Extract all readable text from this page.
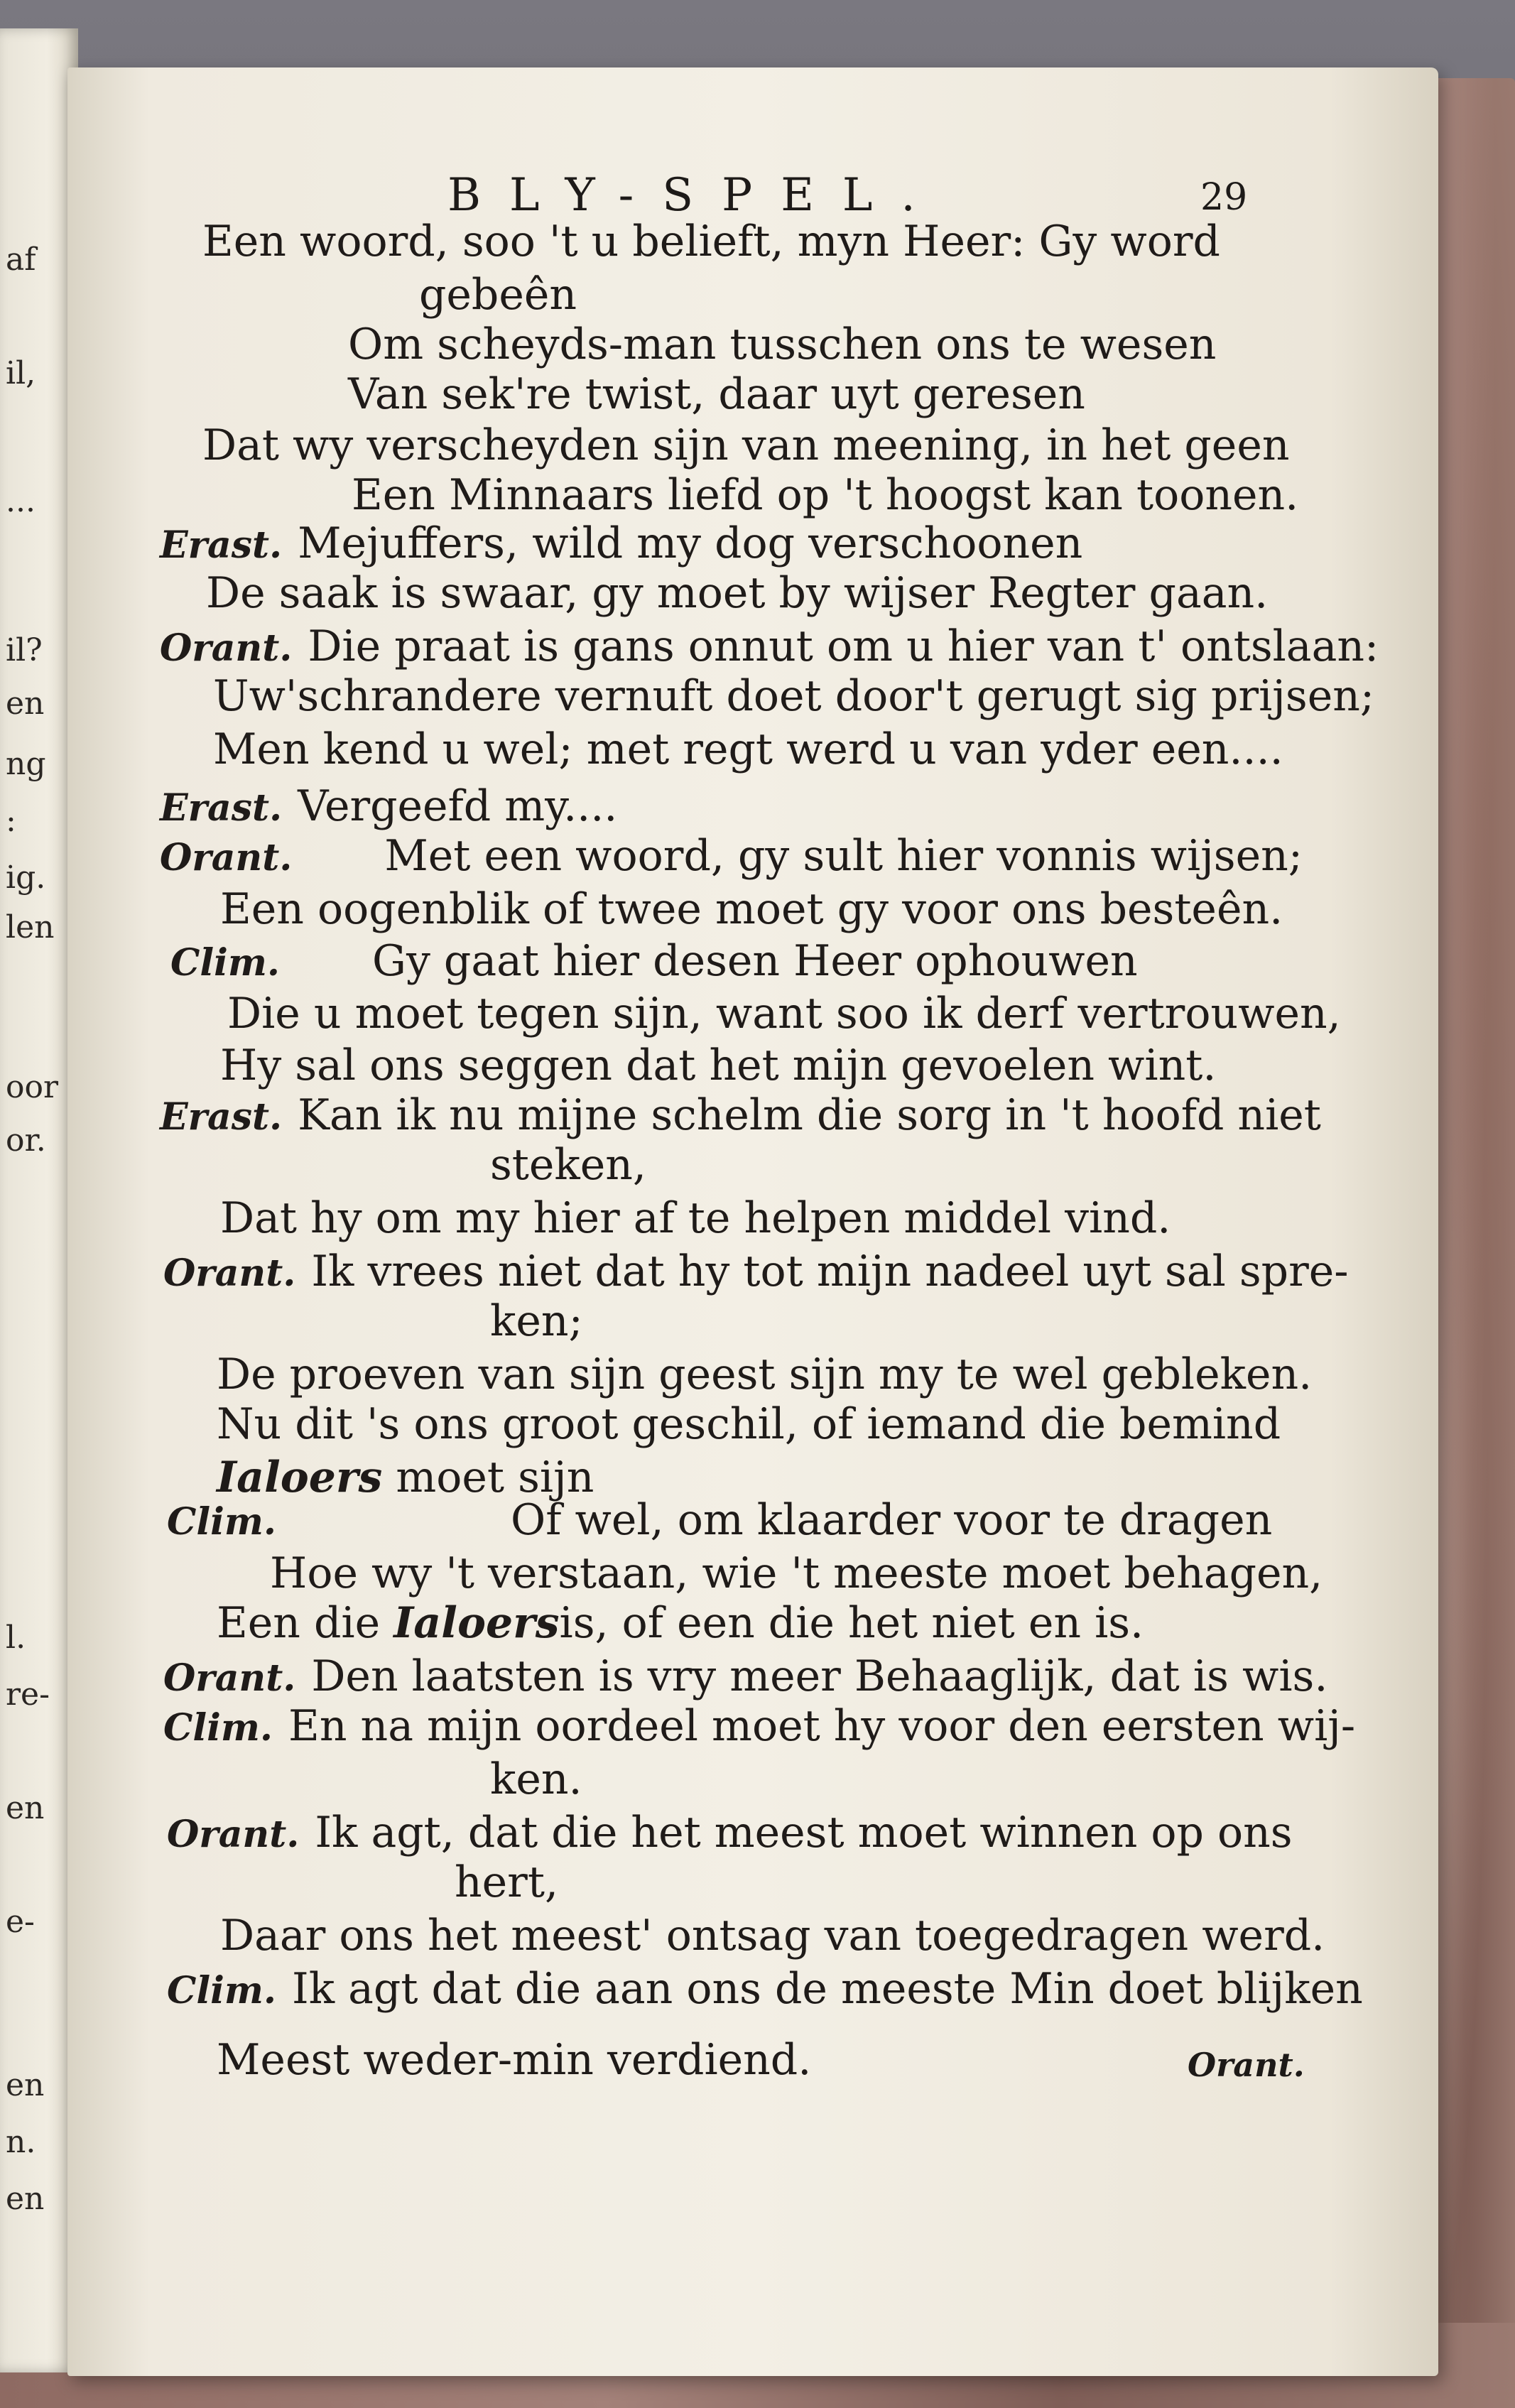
af
il,
...
il?
en
ng
:
ig.
len
oor
or.
l.
re-
en
e-
en
n.
en
BLY-SPEL.	29
Een woord, soo 't u belieft, myn Heer: Gy word
gebeên
Om scheyds-man tusschen ons te wesen
Van sek're twist, daar uyt geresen
Dat wy verscheyden sijn van meening, in het geen
Een Minnaars liefd op 't hoogst kan toonen.
Erast. Mejuffers, wild my dog verschoonen
De saak is swaar, gy moet by wijser Regter gaan.
Orant. Die praat is gans onnut om u hier van t' ontslaan:
Uw'schrandere vernuft doet door't gerugt sig prijsen;
Men kend u wel; met regt werd u van yder een....
Erast. Vergeefd my....
Orant. Met een woord, gy sult hier vonnis wijsen;
Een oogenblik of twee moet gy voor ons besteên.
Clim. Gy gaat hier desen Heer ophouwen
Die u moet tegen sijn, want soo ik derf vertrouwen,
Hy sal ons seggen dat het mijn gevoelen wint.
Erast. Kan ik nu mijne schelm die sorg in 't hoofd niet
steken,
Dat hy om my hier af te helpen middel vind.
Orant. Ik vrees niet dat hy tot mijn nadeel uyt sal spre-
ken;
De proeven van sijn geest sijn my te wel gebleken.
Nu dit 's ons groot geschil, of iemand die bemind
Ialoers moet sijn
Clim.	Of wel, om klaarder voor te dragen
Hoe wy 't verstaan, wie 't meeste moet behagen,
Een die Ialoersis, of een die het niet en is.
Orant. Den laatsten is vry meer Behaaglijk, dat is wis.
Clim. En na mijn oordeel moet hy voor den eersten wij-
ken.
Orant. Ik agt, dat die het meest moet winnen op ons
hert,
Daar ons het meest' ontsag van toegedragen werd.
Clim. Ik agt dat die aan ons de meeste Min doet blijken
Meest weder-min verdiend.	Orant.
